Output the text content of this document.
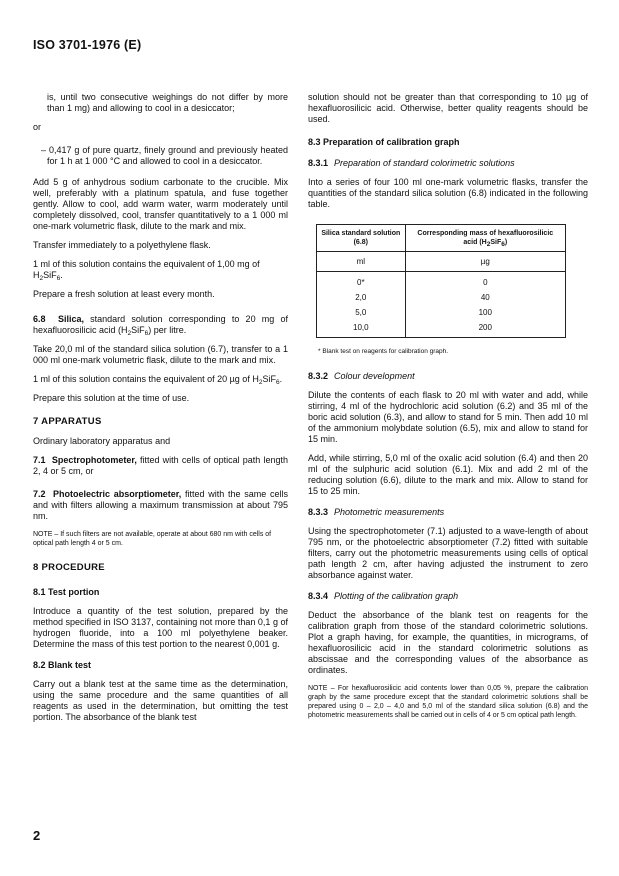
ISO 3701-1976 (E)

is, until two consecutive weighings do not differ by more than 1 mg) and allowing to cool in a desiccator;

or

– 0,417 g of pure quartz, finely ground and previously heated for 1 h at 1 000 °C and allowed to cool in a desiccator.

Add 5 g of anhydrous sodium carbonate to the crucible. Mix well, preferably with a platinum spatula, and fuse together gently. Allow to cool, add warm water, warm moderately until completely dissolved, cool, transfer quantitatively to a 1 000 ml one-mark volumetric flask, dilute to the mark and mix.

Transfer immediately to a polyethylene flask.

1 ml of this solution contains the equivalent of 1,00 mg of $H_2SiF_6$.

Prepare a fresh solution at least every month.

6.8 Silica, standard solution corresponding to 20 mg of hexafluorosilicic acid $(H_2SiF_6)$ per litre.

Take 20,0 ml of the standard silica solution (6.7), transfer to a 1 000 ml one-mark volumetric flask, dilute to the mark and mix.

1 ml of this solution contains the equivalent of 20 µg of $H_2SiF_6$.

Prepare this solution at the time of use.

7 APPARATUS

Ordinary laboratory apparatus and

7.1 Spectrophotometer, fitted with cells of optical path length 2, 4 or 5 cm, or

7.2 Photoelectric absorptiometer, fitted with the same cells and with filters allowing a maximum transmission at about 795 nm.

NOTE – If such filters are not available, operate at about 680 nm with cells of optical path length 4 or 5 cm.

8 PROCEDURE
8.1 Test portion

Introduce a quantity of the test solution, prepared by the method specified in ISO 3137, containing not more than 0,1 g of hydrogen fluoride, into a 100 ml polyethylene beaker. Determine the mass of this test portion to the nearest 0,001 g.

8.2 Blank test

Carry out a blank test at the same time as the determination, using the same procedure and the same quantities of all reagents as used in the determination, but omitting the test portion. The absorbance of the blank test

solution should not be greater than that corresponding to 10 µg of hexafluorosilicic acid. Otherwise, better quality reagents should be used.

8.3 Preparation of calibration graph
8.3.1 Preparation of standard colorimetric solutions

Into a series of four 100 ml one-mark volumetric flasks, transfer the quantities of the standard silica solution (6.8) indicated in the following table.

Silica standard solution (6.8)	Corresponding mass of hexafluorosilicic acid $(H_2SiF_6)$
ml	µg
0*	0
2,0	40
5,0	100
10,0	200
* Blank test on reagents for calibration graph.
8.3.2 Colour development

Dilute the contents of each flask to 20 ml with water and add, while stirring, 4 ml of the hydrochloric acid solution (6.2) and 35 ml of the boric acid solution (6.3), and allow to stand for 5 min. Then add 10 ml of the ammonium molybdate solution (6.5), mix and allow to stand for 15 min.

Add, while stirring, 5,0 ml of the oxalic acid solution (6.4) and then 20 ml of the sulphuric acid solution (6.1). Mix and add 2 ml of the reducing solution (6.6), dilute to the mark and mix. Allow to stand for 15 to 25 min.

8.3.3 Photometric measurements

Using the spectrophotometer (7.1) adjusted to a wave-length of about 795 nm, or the photoelectric absorptiometer (7.2) fitted with suitable filters, carry out the photometric measurements using cells of optical path length 2 cm, after having adjusted the instrument to zero absorbance against water.

8.3.4 Plotting of the calibration graph

Deduct the absorbance of the blank test on reagents for the calibration graph from those of the standard colorimetric solutions. Plot a graph having, for example, the quantities, in micrograms, of hexafluorosilicic acid in the standard colorimetric solutions as abscissae and the corresponding values of the absorbance as ordinates.

NOTE – For hexafluorosilicic acid contents lower than 0,05 %, prepare the calibration graph by the same procedure except that the standard colorimetric solutions shall be prepared using 0 – 2,0 – 4,0 and 5,0 ml of the standard silica solution (6.8) and the photometric measurements shall be carried out in cells of 4 or 5 cm optical path length.

2
